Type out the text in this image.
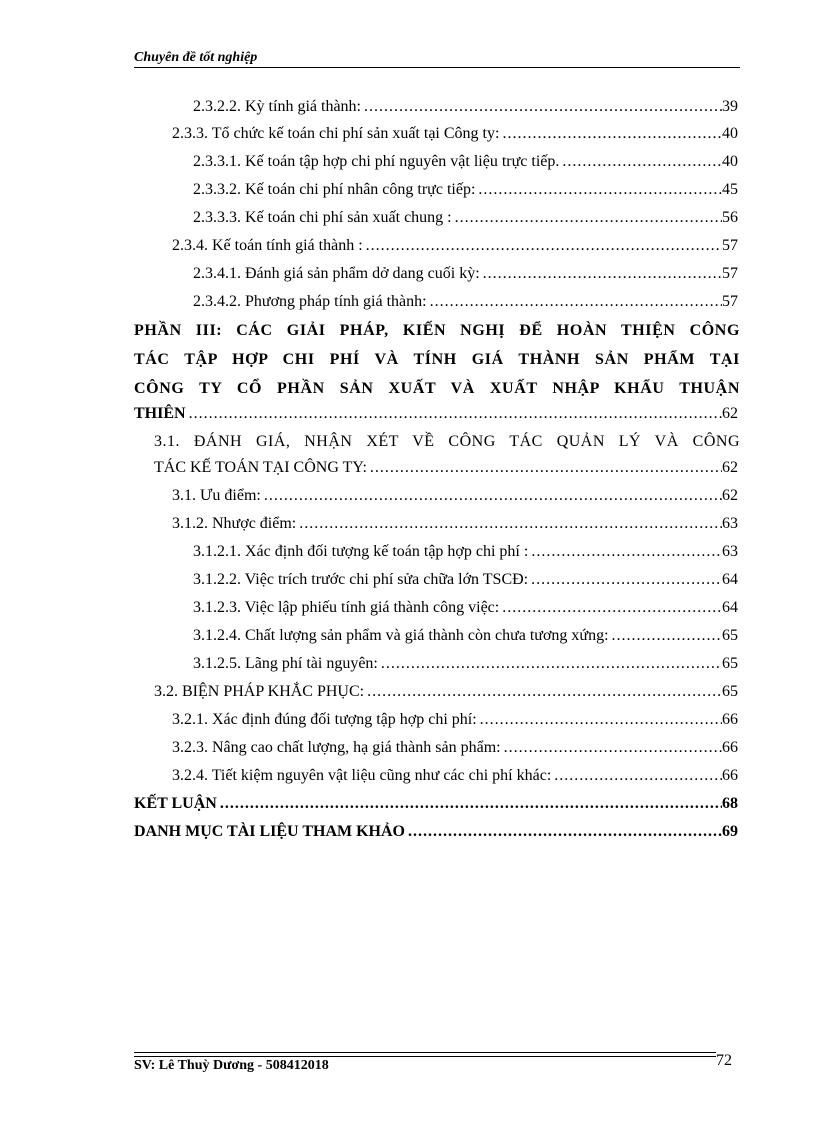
Chuyên đề tốt nghiệp
2.3.2.2. Kỳ tính giá thành: .....	39
2.3.3. Tổ chức kế toán chi phí sản xuất tại Công ty: .....	40
2.3.3.1. Kế toán tập hợp chi phí nguyên vật liệu trực tiếp. .....	40
2.3.3.2. Kế toán chi phí nhân công trực tiếp: .....	45
2.3.3.3. Kế toán chi phí sản xuất chung : .....	56
2.3.4. Kế toán tính giá thành : .....	57
2.3.4.1. Đánh giá sản phẩm dở dang cuối kỳ: .....	57
2.3.4.2. Phương pháp tính giá thành: .....	57
PHẦN III: CÁC GIẢI PHÁP, KIẾN NGHỊ ĐỂ HOÀN THIỆN CÔNG
TÁC TẬP HỢP CHI PHÍ VÀ TÍNH GIÁ THÀNH SẢN PHẨM TẠI
CÔNG TY CỔ PHẦN SẢN XUẤT VÀ XUẤT NHẬP KHẨU THUẬN
THIÊN .....	62
3.1. ĐÁNH GIÁ, NHẬN XÉT VỀ CÔNG TÁC QUẢN LÝ VÀ CÔNG
TÁC KẾ TOÁN TẠI CÔNG TY: .....	62
3.1. Ưu điểm: .....	62
3.1.2. Nhược điểm: .....	63
3.1.2.1. Xác định đối tượng kế toán tập hợp chi phí : .....	63
3.1.2.2. Việc trích trước chi phí sửa chữa lớn TSCĐ: .....	64
3.1.2.3. Việc lập phiếu tính giá thành công việc: .....	64
3.1.2.4. Chất lượng sản phẩm và giá thành còn chưa tương xứng: .....	65
3.1.2.5. Lãng phí tài nguyên: .....	65
3.2. BIỆN PHÁP KHẮC PHỤC: .....	65
3.2.1. Xác định đúng đối tượng tập hợp chi phí: .....	66
3.2.3. Nâng cao chất lượng, hạ giá thành sản phẩm: .....	66
3.2.4. Tiết kiệm nguyên vật liệu cũng như các chi phí khác: .....	66
KẾT LUẬN .....	68
DANH MỤC TÀI LIỆU THAM KHẢO .....	69
SV: Lê Thuỳ Dương - 508412018	72
